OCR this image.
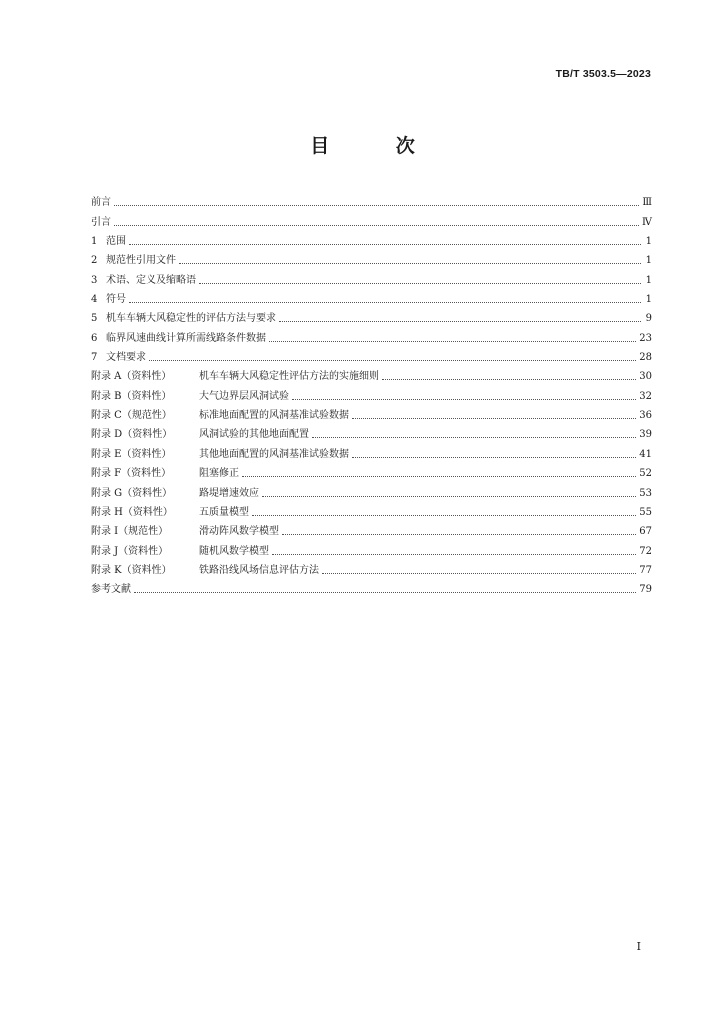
TB/T 3503.5—2023
目 次
前言	Ⅲ
引言	Ⅳ
1 范围	1
2 规范性引用文件	1
3 术语、定义及缩略语	1
4 符号	1
5 机车车辆大风稳定性的评估方法与要求	9
6 临界风速曲线计算所需线路条件数据	23
7 文档要求	28
附录 A（资料性）	机车车辆大风稳定性评估方法的实施细则	30
附录 B（资料性）	大气边界层风洞试验	32
附录 C（规范性）	标准地面配置的风洞基准试验数据	36
附录 D（资料性）	风洞试验的其他地面配置	39
附录 E（资料性）	其他地面配置的风洞基准试验数据	41
附录 F（资料性）	阻塞修正	52
附录 G（资料性）	路堤增速效应	53
附录 H（资料性）	五质量模型	55
附录 I（规范性）	滑动阵风数学模型	67
附录 J（资料性）	随机风数学模型	72
附录 K（资料性）	铁路沿线风场信息评估方法	77
参考文献	79
Ⅰ
